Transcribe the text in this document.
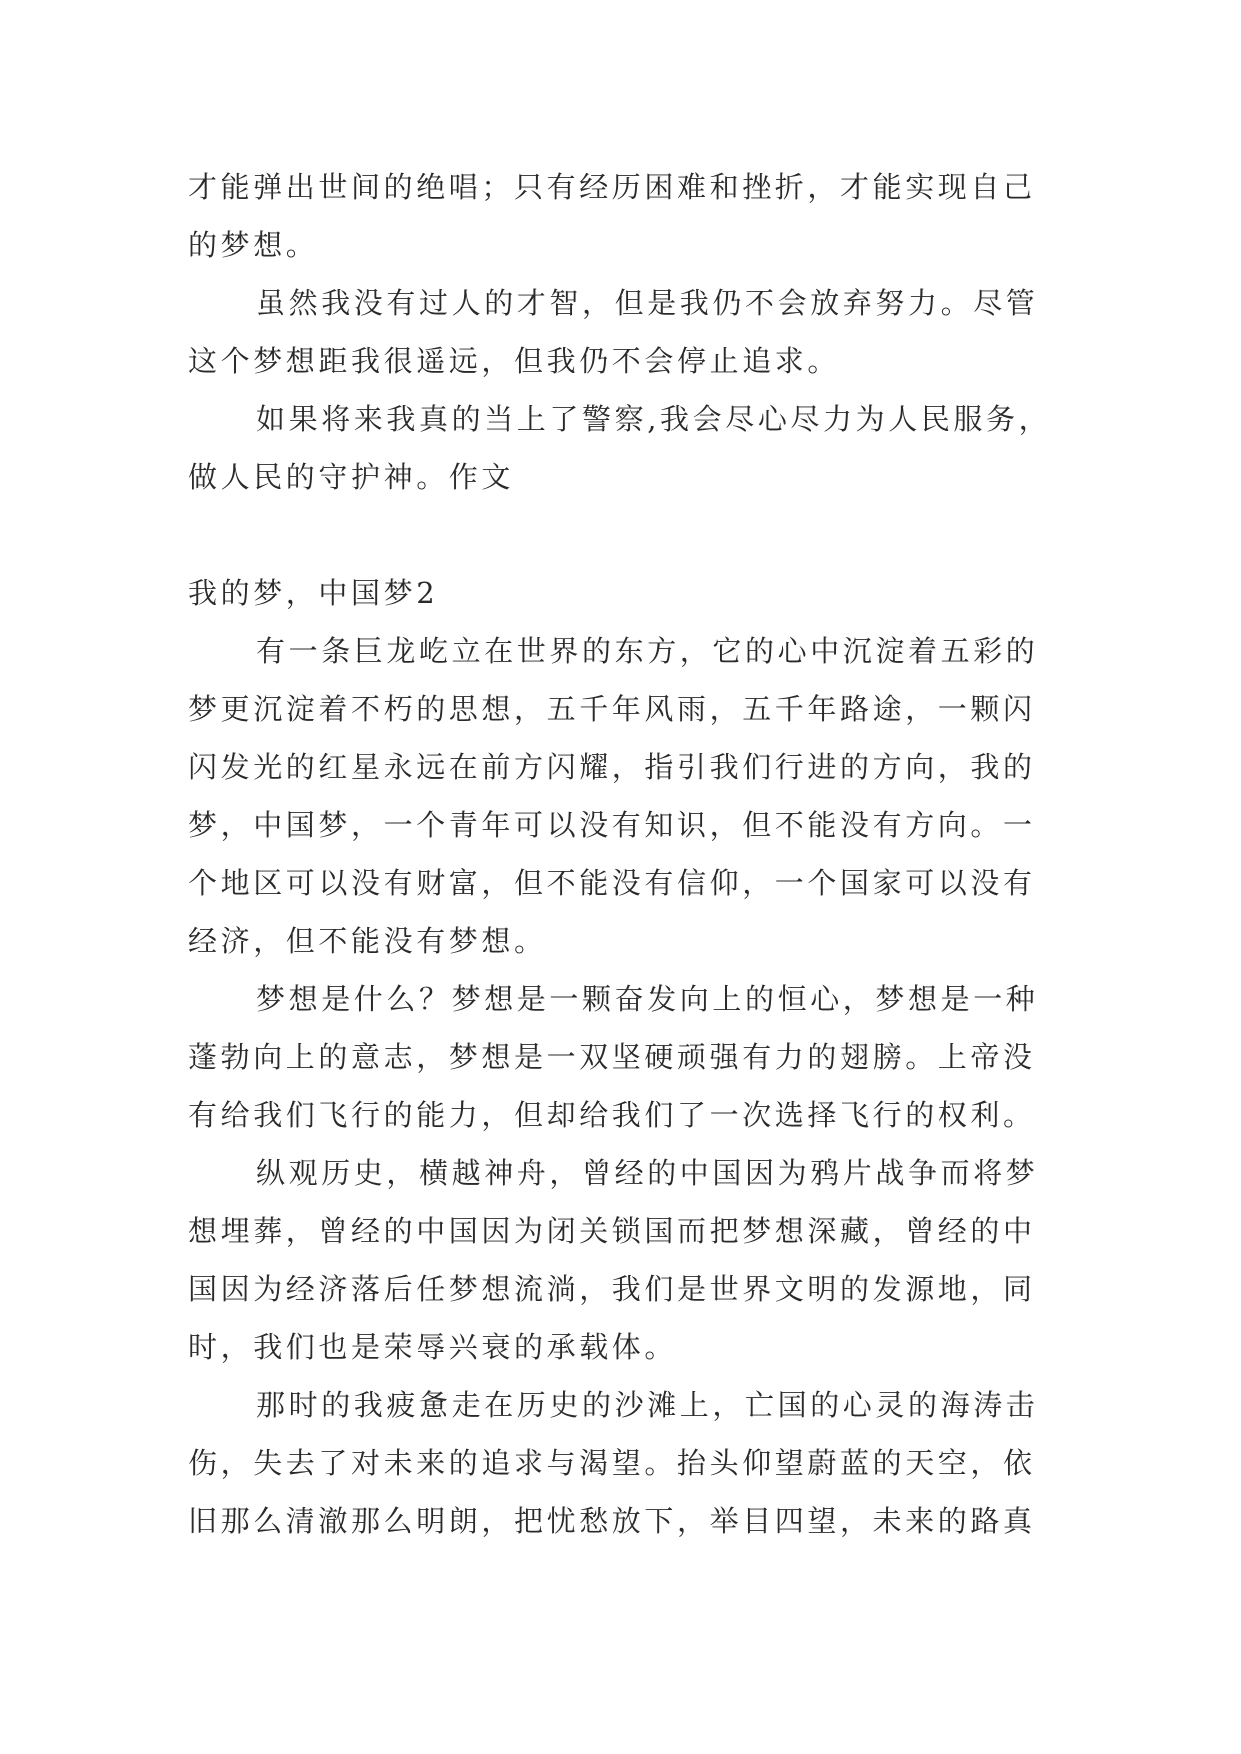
才能弹出世间的绝唱；只有经历困难和挫折，才能实现自己的梦想。

虽然我没有过人的才智，但是我仍不会放弃努力。尽管这个梦想距我很遥远，但我仍不会停止追求。

如果将来我真的当上了警察,我会尽心尽力为人民服务，做人民的守护神。作文

我的梦，中国梦2

有一条巨龙屹立在世界的东方，它的心中沉淀着五彩的梦更沉淀着不朽的思想，五千年风雨，五千年路途，一颗闪闪发光的红星永远在前方闪耀，指引我们行进的方向，我的梦，中国梦，一个青年可以没有知识，但不能没有方向。一个地区可以没有财富，但不能没有信仰，一个国家可以没有经济，但不能没有梦想。

梦想是什么？梦想是一颗奋发向上的恒心，梦想是一种蓬勃向上的意志，梦想是一双坚硬顽强有力的翅膀。上帝没有给我们飞行的能力，但却给我们了一次选择飞行的权利。

纵观历史，横越神舟，曾经的中国因为鸦片战争而将梦想埋葬，曾经的中国因为闭关锁国而把梦想深藏，曾经的中国因为经济落后任梦想流淌，我们是世界文明的发源地，同时，我们也是荣辱兴衰的承载体。

那时的我疲惫走在历史的沙滩上，亡国的心灵的海涛击伤，失去了对未来的追求与渴望。抬头仰望蔚蓝的天空，依旧那么清澈那么明朗，把忧愁放下，举目四望，未来的路真
